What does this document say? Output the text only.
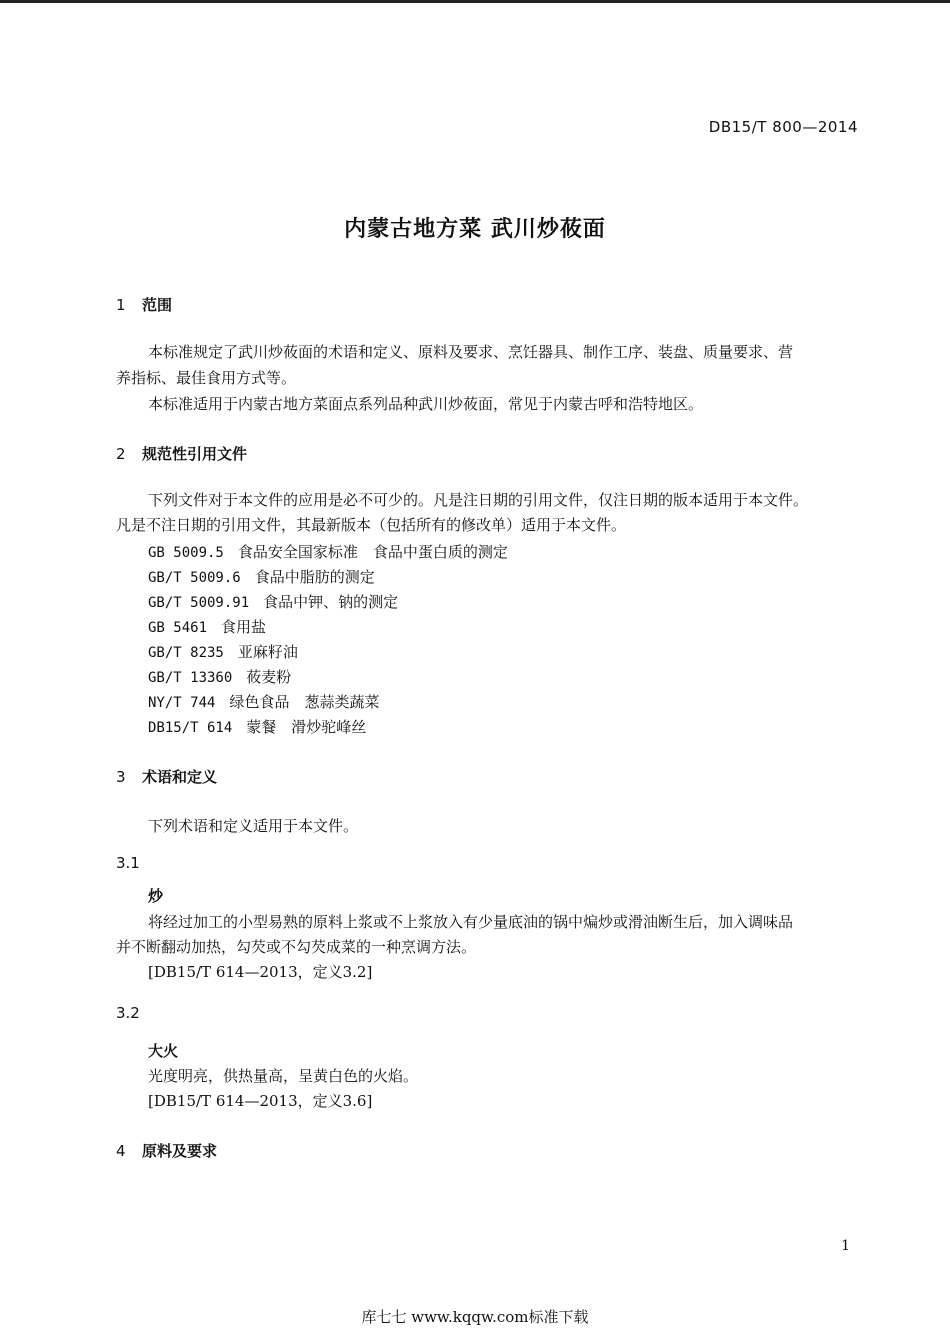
DB15/T 800—2014
内蒙古地方菜 武川炒莜面
1 范围
本标准规定了武川炒莜面的术语和定义、原料及要求、烹饪器具、制作工序、装盘、质量要求、营
养指标、最佳食用方式等。
本标准适用于内蒙古地方菜面点系列品种武川炒莜面，常见于内蒙古呼和浩特地区。
2 规范性引用文件
下列文件对于本文件的应用是必不可少的。凡是注日期的引用文件，仅注日期的版本适用于本文件。
凡是不注日期的引用文件，其最新版本（包括所有的修改单）适用于本文件。
GB 5009.5 食品安全国家标准　食品中蛋白质的测定
GB/T 5009.6 食品中脂肪的测定
GB/T 5009.91 食品中钾、钠的测定
GB 5461 食用盐
GB/T 8235 亚麻籽油
GB/T 13360 莜麦粉
NY/T 744 绿色食品　葱蒜类蔬菜
DB15/T 614 蒙餐　滑炒驼峰丝
3 术语和定义
下列术语和定义适用于本文件。
3.1
炒
将经过加工的小型易熟的原料上浆或不上浆放入有少量底油的锅中煸炒或滑油断生后，加入调味品
并不断翻动加热，勾芡或不勾芡成菜的一种烹调方法。
[DB15/T 614—2013，定义3.2]
3.2
大火
光度明亮，供热量高，呈黄白色的火焰。
[DB15/T 614—2013，定义3.6]
4 原料及要求
1
库七七 www.kqqw.com标准下载
